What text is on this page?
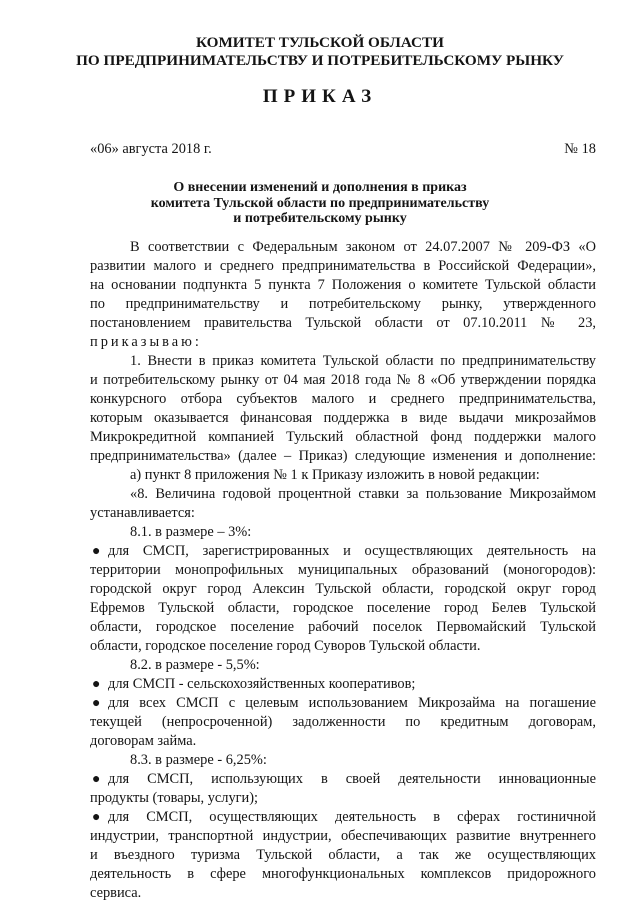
КОМИТЕТ ТУЛЬСКОЙ ОБЛАСТИ
ПО ПРЕДПРИНИМАТЕЛЬСТВУ И ПОТРЕБИТЕЛЬСКОМУ РЫНКУ
ПРИКАЗ
«06» августа 2018 г.	№ 18
О внесении изменений и дополнения в приказ
комитета Тульской области по предпринимательству
и потребительскому рынку
В соответствии с Федеральным законом от 24.07.2007 № 209-ФЗ «О
развитии малого и среднего предпринимательства в Российской Федерации»,
на основании подпункта 5 пункта 7 Положения о комитете Тульской области
по предпринимательству и потребительскому рынку, утвержденного
постановлением правительства Тульской области от 07.10.2011 № 23,
приказываю:
1. Внести в приказ комитета Тульской области по предпринимательству
и потребительскому рынку от 04 мая 2018 года № 8 «Об утверждении порядка
конкурсного отбора субъектов малого и среднего предпринимательства,
которым оказывается финансовая поддержка в виде выдачи микрозаймов
Микрокредитной компанией Тульский областной фонд поддержки малого
предпринимательства» (далее – Приказ) следующие изменения и дополнение:
а) пункт 8 приложения № 1 к Приказу изложить в новой редакции:
«8. Величина годовой процентной ставки за пользование Микрозаймом
устанавливается:
8.1. в размере – 3%:
● для СМСП, зарегистрированных и осуществляющих деятельность на
территории монопрофильных муниципальных образований (моногородов):
городской округ город Алексин Тульской области, городской округ город
Ефремов Тульской области, городское поселение город Белев Тульской
области, городское поселение рабочий поселок Первомайский Тульской
области, городское поселение город Суворов Тульской области.
8.2. в размере - 5,5%:
● для СМСП - сельскохозяйственных кооперативов;
● для всех СМСП с целевым использованием Микрозайма на погашение
текущей (непросроченной) задолженности по кредитным договорам,
договорам займа.
8.3. в размере - 6,25%:
● для СМСП, использующих в своей деятельности инновационные
продукты (товары, услуги);
● для СМСП, осуществляющих деятельность в сферах гостиничной
индустрии, транспортной индустрии, обеспечивающих развитие внутреннего
и въездного туризма Тульской области, а так же осуществляющих
деятельность в сфере многофункциональных комплексов придорожного
сервиса.
